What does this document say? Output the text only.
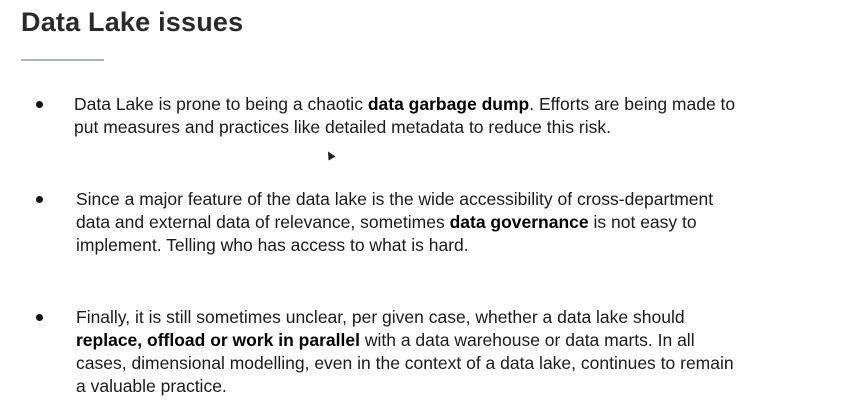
Data Lake issues
Data Lake is prone to being a chaotic data garbage dump. Efforts are being made to
put measures and practices like detailed metadata to reduce this risk.
Since a major feature of the data lake is the wide accessibility of cross-department
data and external data of relevance, sometimes data governance is not easy to
implement. Telling who has access to what is hard.
Finally, it is still sometimes unclear, per given case, whether a data lake should
replace, offload or work in parallel with a data warehouse or data marts. In all
cases, dimensional modelling, even in the context of a data lake, continues to remain
a valuable practice.
